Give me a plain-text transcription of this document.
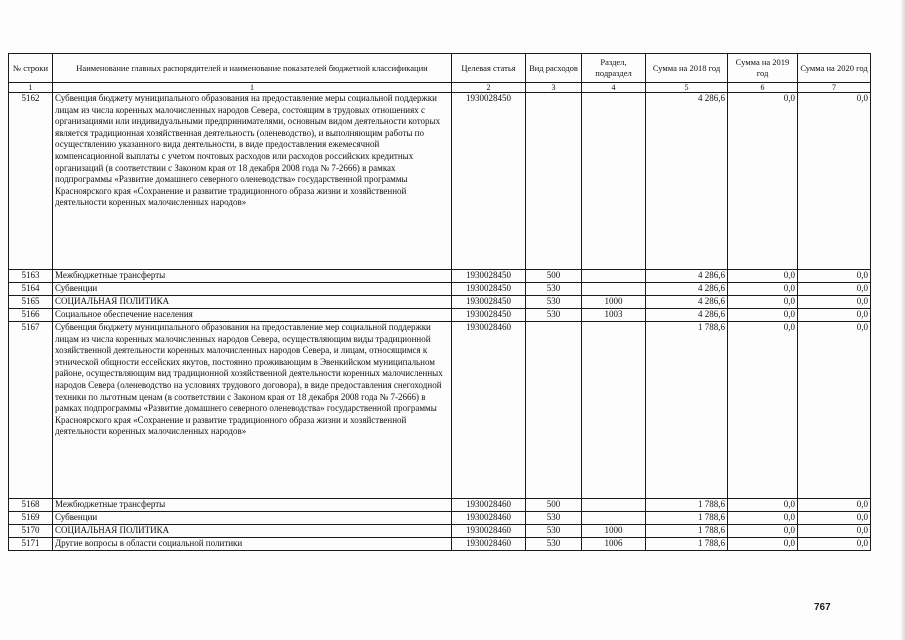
№ строки	Наименование главных распорядителей и наименование показателей бюджетной классификации	Целевая статья	Вид расходов	Раздел, подраздел	Сумма на 2018 год	Сумма на 2019 год	Сумма на 2020 год
1	1	2	3	4	5	6	7
5162	Субвенция бюджету муниципального образования на предоставление меры социальной поддержки лицам из числа коренных малочисленных народов Севера, состоящим в трудовых отношениях с организациями или индивидуальными предпринимателями, основным видом деятельности которых является традиционная хозяйственная деятельность (оленеводство), и выполняющим работы по осуществлению указанного вида деятельности, в виде предоставления ежемесячной компенсационной выплаты с учетом почтовых расходов или расходов российских кредитных организаций (в соответствии с Законом края от 18 декабря 2008 года № 7-2666) в рамках подпрограммы «Развитие домашнего северного оленеводства» государственной программы Красноярского края «Сохранение и развитие традиционного образа жизни и хозяйственной деятельности коренных малочисленных народов»	1930028450			4 286,6	0,0	0,0
5163	Межбюджетные трансферты	1930028450	500		4 286,6	0,0	0,0
5164	Субвенции	1930028450	530		4 286,6	0,0	0,0
5165	СОЦИАЛЬНАЯ ПОЛИТИКА	1930028450	530	1000	4 286,6	0,0	0,0
5166	Социальное обеспечение населения	1930028450	530	1003	4 286,6	0,0	0,0
5167	Субвенция бюджету муниципального образования на предоставление мер социальной поддержки лицам из числа коренных малочисленных народов Севера, осуществляющим виды традиционной хозяйственной деятельности коренных малочисленных народов Севера, и лицам, относящимся к этнической общности ессейских якутов, постоянно проживающим в Эвенкийском муниципальном районе, осуществляющим вид традиционной хозяйственной деятельности коренных малочисленных народов Севера (оленеводство на условиях трудового договора), в виде предоставления снегоходной техники по льготным ценам (в соответствии с Законом края от 18 декабря 2008 года № 7-2666) в рамках подпрограммы «Развитие домашнего северного оленеводства» государственной программы Красноярского края «Сохранение и развитие традиционного образа жизни и хозяйственной деятельности коренных малочисленных народов»	1930028460			1 788,6	0,0	0,0
5168	Межбюджетные трансферты	1930028460	500		1 788,6	0,0	0,0
5169	Субвенции	1930028460	530		1 788,6	0,0	0,0
5170	СОЦИАЛЬНАЯ ПОЛИТИКА	1930028460	530	1000	1 788,6	0,0	0,0
5171	Другие вопросы в области социальной политики	1930028460	530	1006	1 788,6	0,0	0,0
767
